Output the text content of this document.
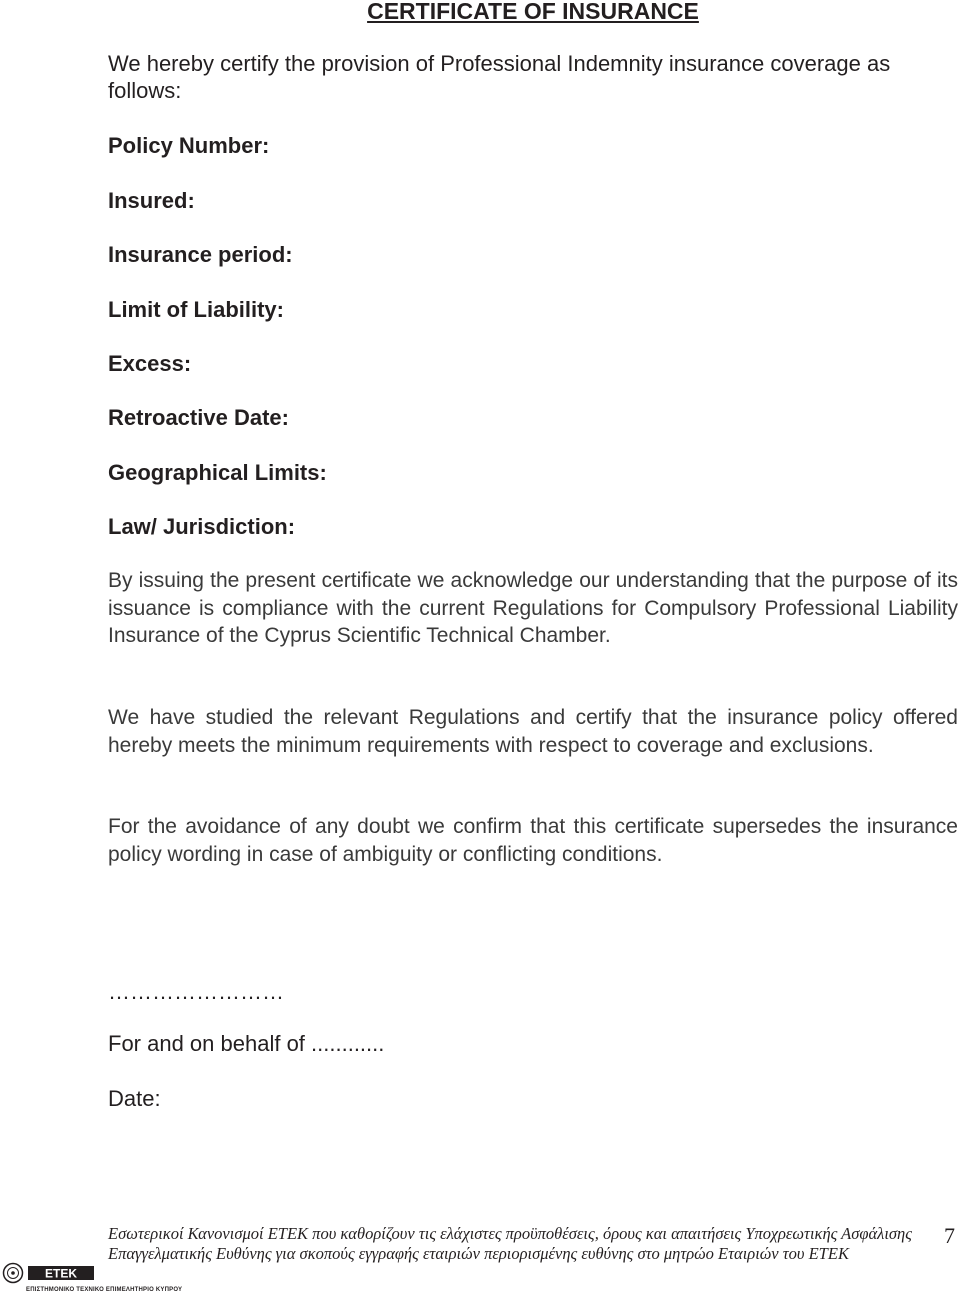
CERTIFICATE OF INSURANCE

We hereby certify the provision of Professional Indemnity insurance coverage as follows:

Policy Number:

Insured:

Insurance period:

Limit of Liability:

Excess:

Retroactive Date:

Geographical Limits:

Law/ Jurisdiction:

By issuing the present certificate we acknowledge our understanding that the purpose of its issuance is compliance with the current Regulations for Compulsory Professional Liability Insurance of the Cyprus Scientific Technical Chamber.

We have studied the relevant Regulations and certify that the insurance policy offered hereby meets the minimum requirements with respect to coverage and exclusions.

For the avoidance of any doubt we confirm that this certificate supersedes the insurance policy wording in case of ambiguity or conflicting conditions.

……………………

For and on behalf of ............

Date:

Εσωτερικοί Κανονισμοί ΕΤΕΚ που καθορίζουν τις ελάχιστες προϋποθέσεις, όρους και απαιτήσεις Υποχρεωτικής Ασφάλισης

Επαγγελματικής Ευθύνης για σκοπούς εγγραφής εταιριών περιορισμένης ευθύνης στο μητρώο Εταιριών του ΕΤΕΚ

7

ΕΤΕΚ

ΕΠΙΣΤΗΜΟΝΙΚΟ ΤΕΧΝΙΚΟ ΕΠΙΜΕΛΗΤΗΡΙΟ ΚΥΠΡΟΥ
